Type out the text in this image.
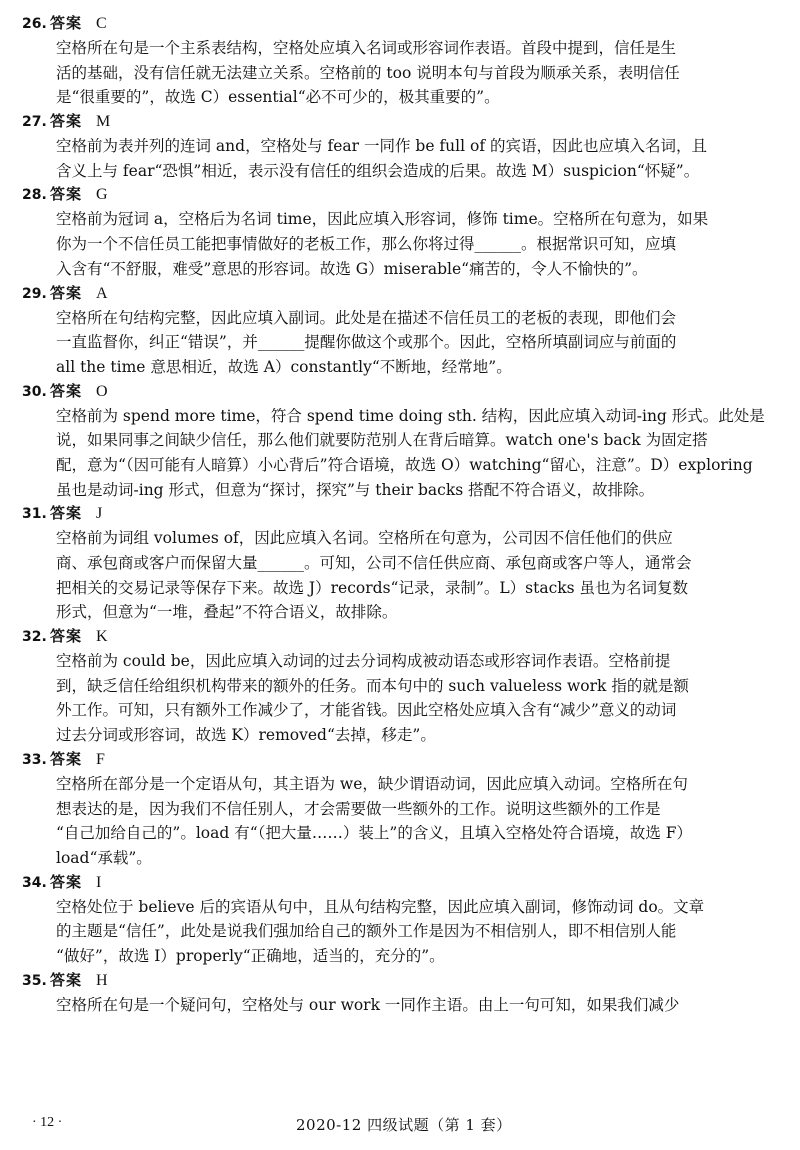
26. 答案 C

空格所在句是一个主系表结构，空格处应填入名词或形容词作表语。首段中提到，信任是生

活的基础，没有信任就无法建立关系。空格前的 too 说明本句与首段为顺承关系，表明信任

是“很重要的”，故选 C）essential“必不可少的，极其重要的”。

27. 答案 M

空格前为表并列的连词 and，空格处与 fear 一同作 be full of 的宾语，因此也应填入名词，且

含义上与 fear“恐惧”相近，表示没有信任的组织会造成的后果。故选 M）suspicion“怀疑”。

28. 答案 G

空格前为冠词 a，空格后为名词 time，因此应填入形容词，修饰 time。空格所在句意为，如果

你为一个不信任员工能把事情做好的老板工作，那么你将过得______。根据常识可知，应填

入含有“不舒服，难受”意思的形容词。故选 G）miserable“痛苦的，令人不愉快的”。

29. 答案 A

空格所在句结构完整，因此应填入副词。此处是在描述不信任员工的老板的表现，即他们会

一直监督你，纠正“错误”，并______提醒你做这个或那个。因此，空格所填副词应与前面的

all the time 意思相近，故选 A）constantly“不断地，经常地”。

30. 答案 O

空格前为 spend more time，符合 spend time doing sth. 结构，因此应填入动词-ing 形式。此处是

说，如果同事之间缺少信任，那么他们就要防范别人在背后暗算。watch one's back 为固定搭

配，意为“（因可能有人暗算）小心背后”符合语境，故选 O）watching“留心，注意”。D）exploring

虽也是动词-ing 形式，但意为“探讨，探究”与 their backs 搭配不符合语义，故排除。

31. 答案 J

空格前为词组 volumes of，因此应填入名词。空格所在句意为，公司因不信任他们的供应

商、承包商或客户而保留大量______。可知，公司不信任供应商、承包商或客户等人，通常会

把相关的交易记录等保存下来。故选 J）records“记录，录制”。L）stacks 虽也为名词复数

形式，但意为“一堆，叠起”不符合语义，故排除。

32. 答案 K

空格前为 could be，因此应填入动词的过去分词构成被动语态或形容词作表语。空格前提

到，缺乏信任给组织机构带来的额外的任务。而本句中的 such valueless work 指的就是额

外工作。可知，只有额外工作减少了，才能省钱。因此空格处应填入含有“减少”意义的动词

过去分词或形容词，故选 K）removed“去掉，移走”。

33. 答案 F

空格所在部分是一个定语从句，其主语为 we，缺少谓语动词，因此应填入动词。空格所在句

想表达的是，因为我们不信任别人，才会需要做一些额外的工作。说明这些额外的工作是

“自己加给自己的”。load 有“（把大量……）装上”的含义，且填入空格处符合语境，故选 F）

load“承载”。

34. 答案 I

空格处位于 believe 后的宾语从句中，且从句结构完整，因此应填入副词，修饰动词 do。文章

的主题是“信任”，此处是说我们强加给自己的额外工作是因为不相信别人，即不相信别人能

“做好”，故选 I）properly“正确地，适当的，充分的”。

35. 答案 H

空格所在句是一个疑问句，空格处与 our work 一同作主语。由上一句可知，如果我们减少

· 12 ·	2020-12 四级试题（第 1 套）
